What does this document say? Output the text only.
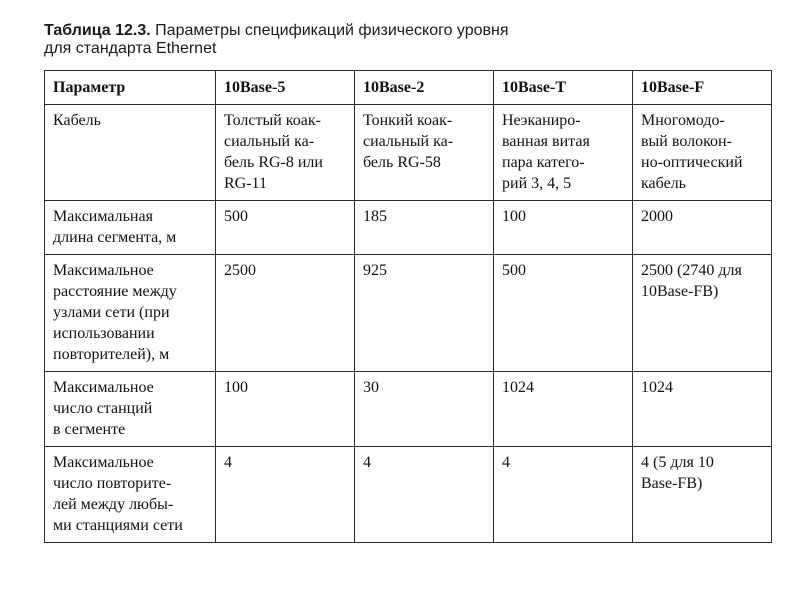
Таблица 12.3. Параметры спецификаций физического уровня
для стандарта Ethernet
Параметр	10Base-5	10Base-2	10Base-T	10Base-F

Кабель	Толстый коак-
сиальный ка-
бель RG-8 или
RG-11	Тонкий коак-
сиальный ка-
бель RG-58	Неэканиро-
ванная витая
пара катего-
рий 3, 4, 5	Многомодо-
вый волокон-
но-оптический
кабель

Максимальная
длина сегмента, м	500	185	100	2000

Максимальное
расстояние между
узлами сети (при
использовании
повторителей), м	2500	925	500	2500 (2740 для
10Base-FB)

Максимальное
число станций
в сегменте	100	30	1024	1024

Максимальное
число повторите-
лей между любы-
ми станциями сети	4	4	4	4 (5 для 10
Base-FB)
